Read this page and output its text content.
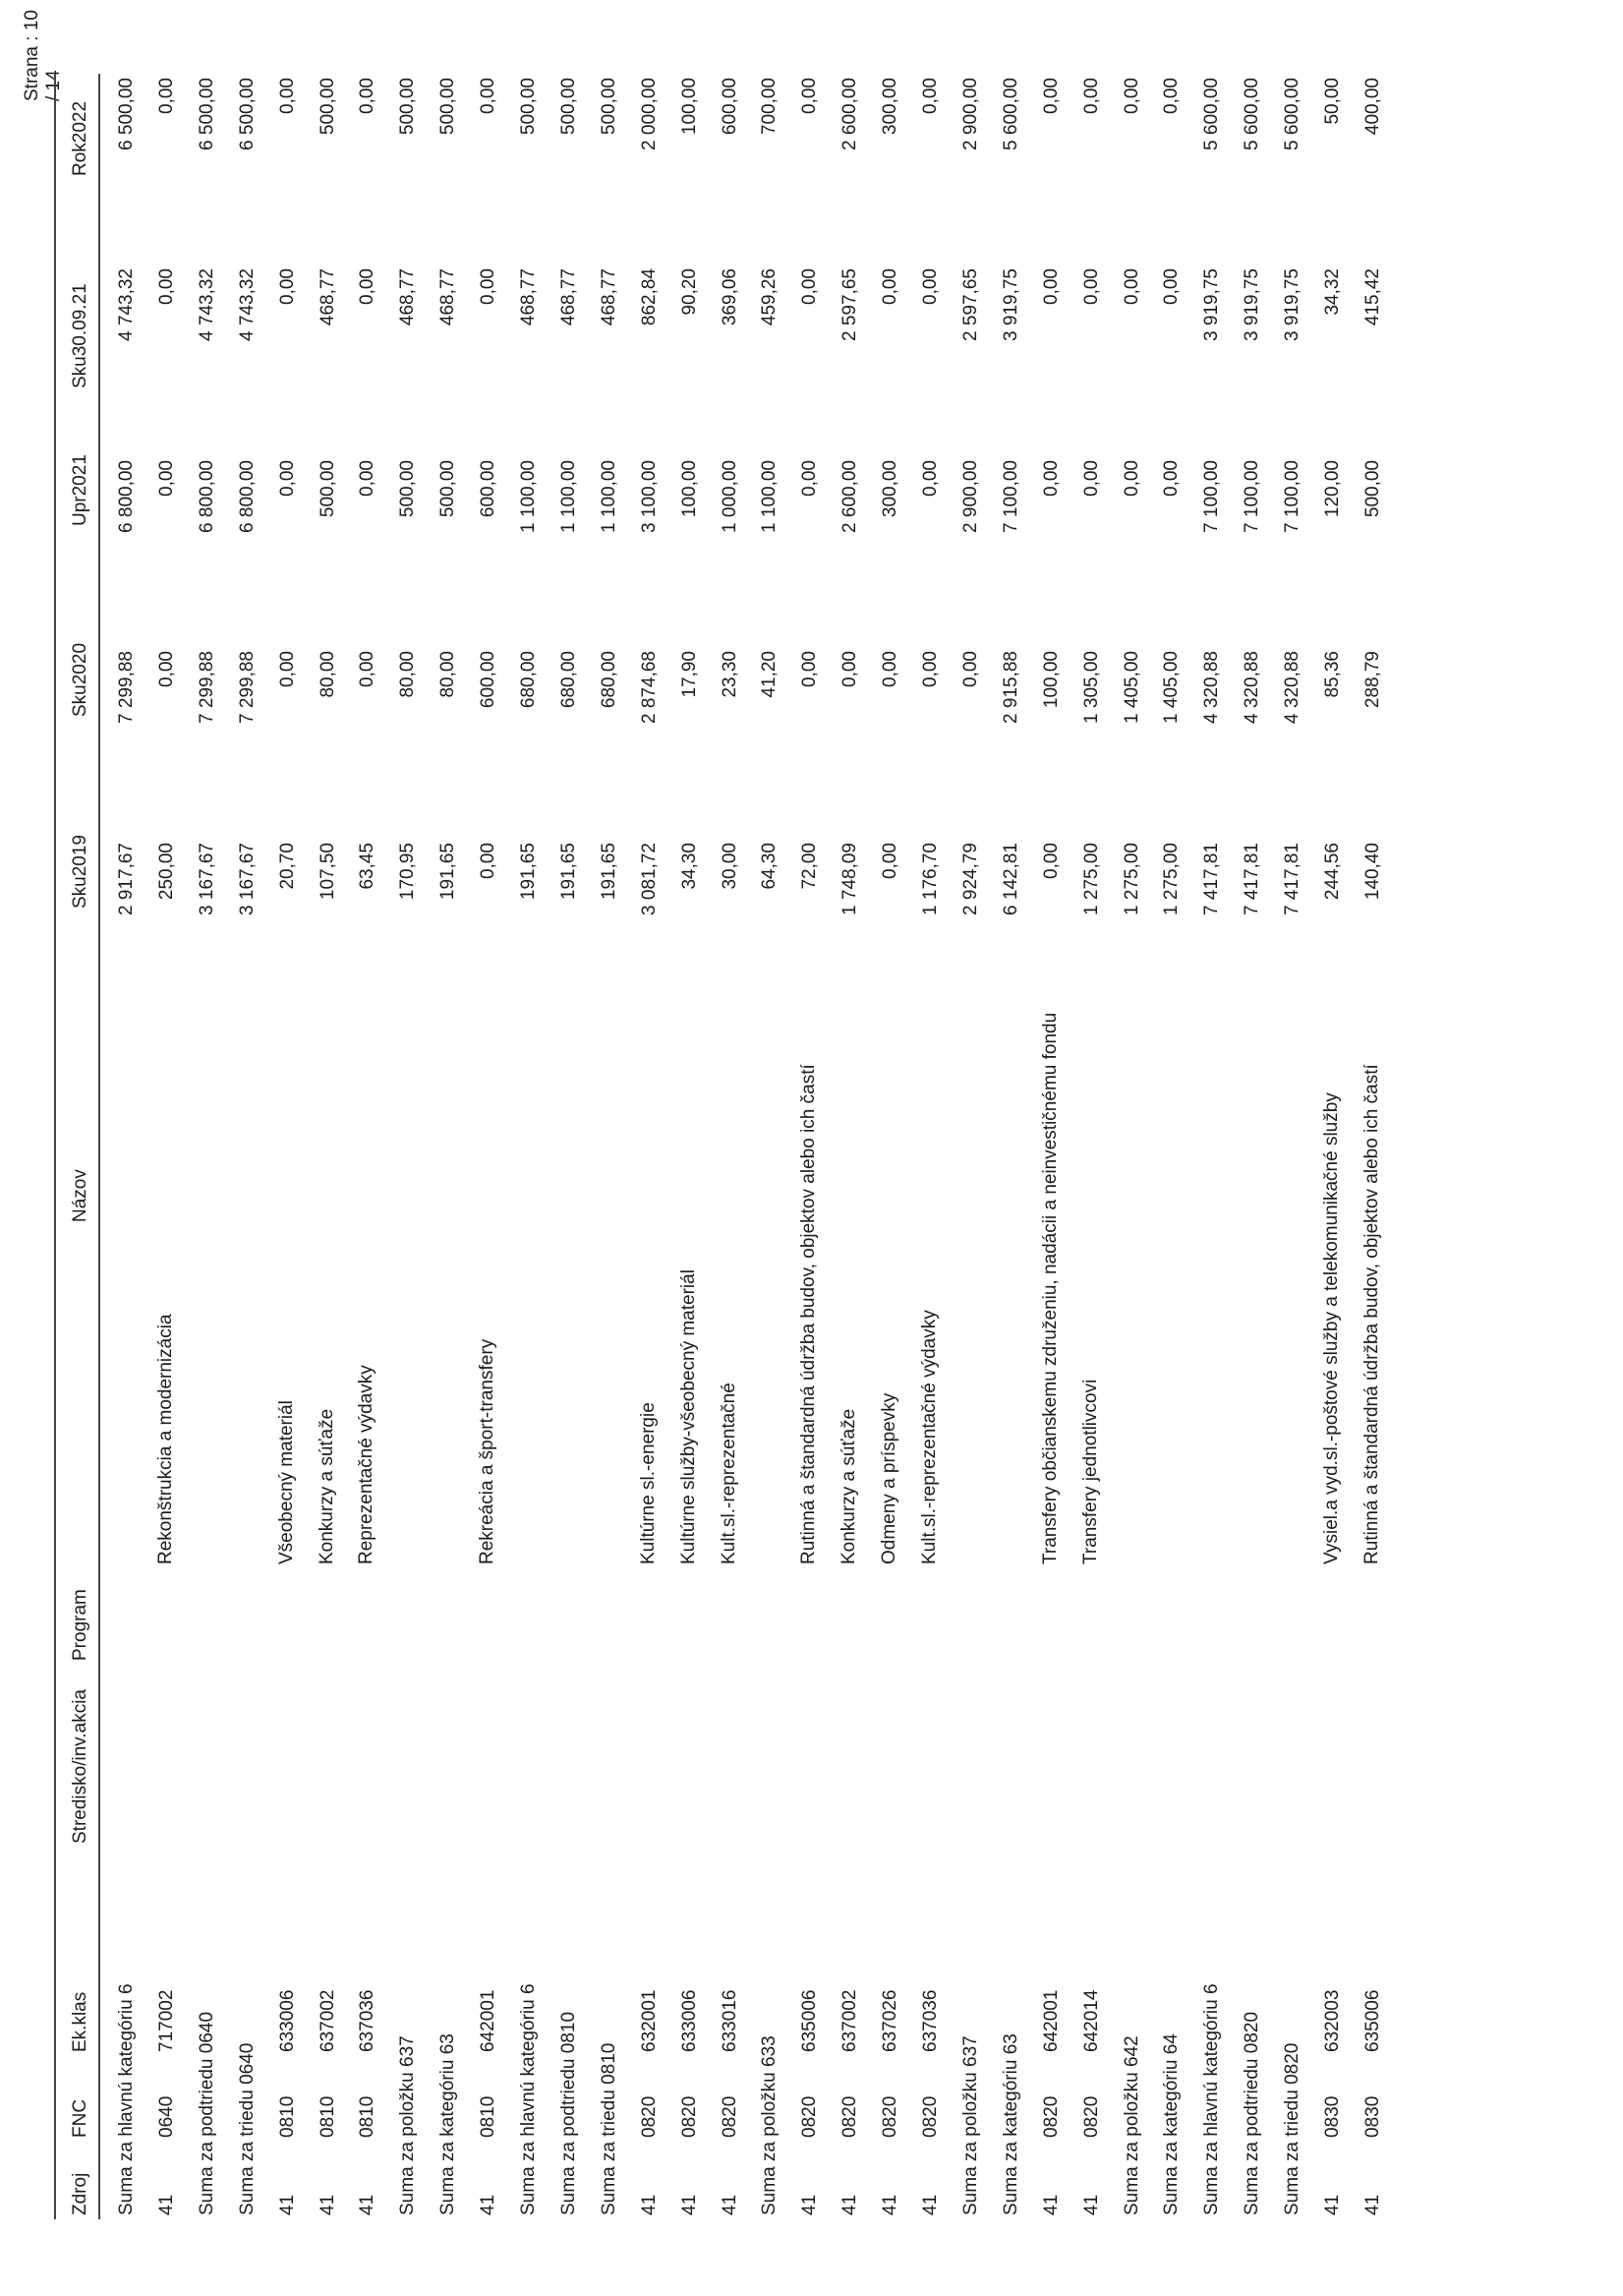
Strana : 10 / 14
Zdroj
FNC
Ek.klas
Stredisko/inv.akcia
Program
Názov
Sku2019
Sku2020
Upr2021
Sku30.09.21
Rok2022
Suma za hlavnú kategóriu 6
2 917,67
7 299,88
6 800,00
4 743,32
6 500,00
41
0640
717002
Rekonštrukcia a modernizácia
250,00
0,00
0,00
0,00
0,00
Suma za podtriedu 0640
3 167,67
7 299,88
6 800,00
4 743,32
6 500,00
Suma za triedu 0640
3 167,67
7 299,88
6 800,00
4 743,32
6 500,00
41
0810
633006
Všeobecný materiál
20,70
0,00
0,00
0,00
0,00
41
0810
637002
Konkurzy a súťaže
107,50
80,00
500,00
468,77
500,00
41
0810
637036
Reprezentačné výdavky
63,45
0,00
0,00
0,00
0,00
Suma za položku 637
170,95
80,00
500,00
468,77
500,00
Suma za kategóriu 63
191,65
80,00
500,00
468,77
500,00
41
0810
642001
Rekreácia a šport-transfery
0,00
600,00
600,00
0,00
0,00
Suma za hlavnú kategóriu 6
191,65
680,00
1 100,00
468,77
500,00
Suma za podtriedu 0810
191,65
680,00
1 100,00
468,77
500,00
Suma za triedu 0810
191,65
680,00
1 100,00
468,77
500,00
41
0820
632001
Kultúrne sl.-energie
3 081,72
2 874,68
3 100,00
862,84
2 000,00
41
0820
633006
Kultúrne služby-všeobecný materiál
34,30
17,90
100,00
90,20
100,00
41
0820
633016
Kult.sl.-reprezentačné
30,00
23,30
1 000,00
369,06
600,00
Suma za položku 633
64,30
41,20
1 100,00
459,26
700,00
41
0820
635006
Rutinná a štandardná údržba budov, objektov alebo ich častí
72,00
0,00
0,00
0,00
0,00
41
0820
637002
Konkurzy a súťaže
1 748,09
0,00
2 600,00
2 597,65
2 600,00
41
0820
637026
Odmeny a príspevky
0,00
0,00
300,00
0,00
300,00
41
0820
637036
Kult.sl.-reprezentačné výdavky
1 176,70
0,00
0,00
0,00
0,00
Suma za položku 637
2 924,79
0,00
2 900,00
2 597,65
2 900,00
Suma za kategóriu 63
6 142,81
2 915,88
7 100,00
3 919,75
5 600,00
41
0820
642001
Transfery občianskemu združeniu, nadácii a neinvestičnému fondu
0,00
100,00
0,00
0,00
0,00
41
0820
642014
Transfery jednotlivcovi
1 275,00
1 305,00
0,00
0,00
0,00
Suma za položku 642
1 275,00
1 405,00
0,00
0,00
0,00
Suma za kategóriu 64
1 275,00
1 405,00
0,00
0,00
0,00
Suma za hlavnú kategóriu 6
7 417,81
4 320,88
7 100,00
3 919,75
5 600,00
Suma za podtriedu 0820
7 417,81
4 320,88
7 100,00
3 919,75
5 600,00
Suma za triedu 0820
7 417,81
4 320,88
7 100,00
3 919,75
5 600,00
41
0830
632003
Vysiel.a vyd.sl.-poštové služby a telekomunikačné služby
244,56
85,36
120,00
34,32
50,00
41
0830
635006
Rutinná a štandardná údržba budov, objektov alebo ich častí
140,40
288,79
500,00
415,42
400,00
